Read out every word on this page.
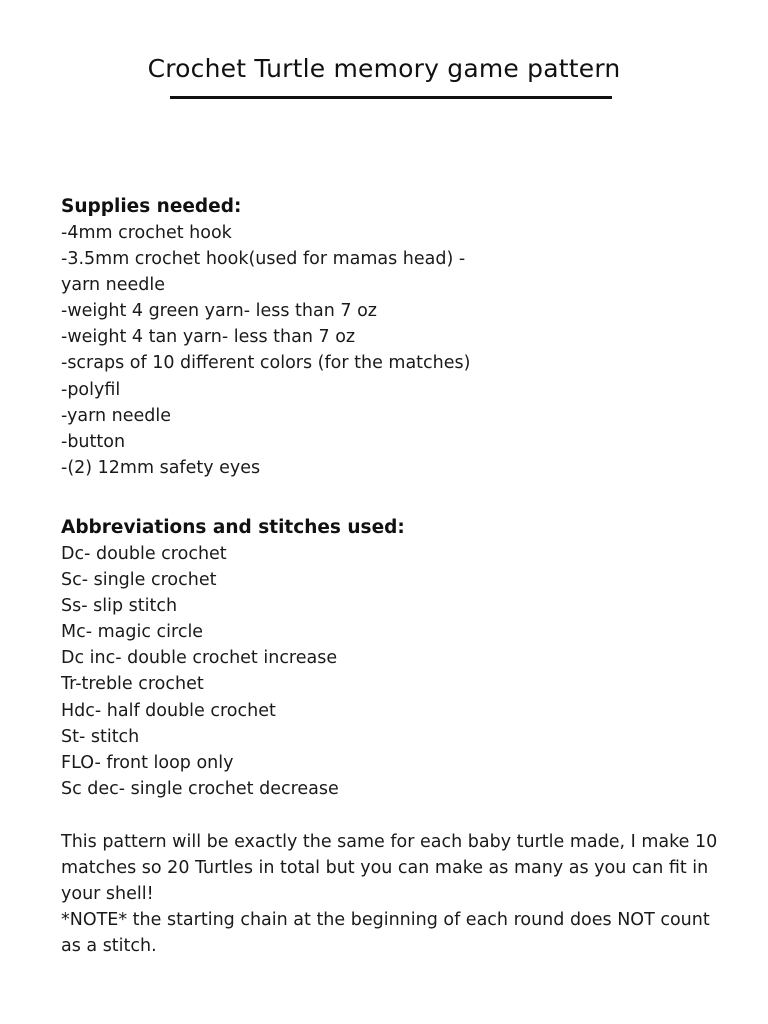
Crochet Turtle memory game pattern

Supplies needed:

-4mm crochet hook

-3.5mm crochet hook(used for mamas head) -

yarn needle

-weight 4 green yarn- less than 7 oz

-weight 4 tan yarn- less than 7 oz

-scraps of 10 different colors (for the matches)

-polyfil

-yarn needle

-button

-(2) 12mm safety eyes

Abbreviations and stitches used:

Dc- double crochet

Sc- single crochet

Ss- slip stitch

Mc- magic circle

Dc inc- double crochet increase

Tr-treble crochet

Hdc- half double crochet

St- stitch

FLO- front loop only

Sc dec- single crochet decrease

This pattern will be exactly the same for each baby turtle made, I make 10

matches so 20 Turtles in total but you can make as many as you can fit in

your shell!

*NOTE* the starting chain at the beginning of each round does NOT count

as a stitch.
